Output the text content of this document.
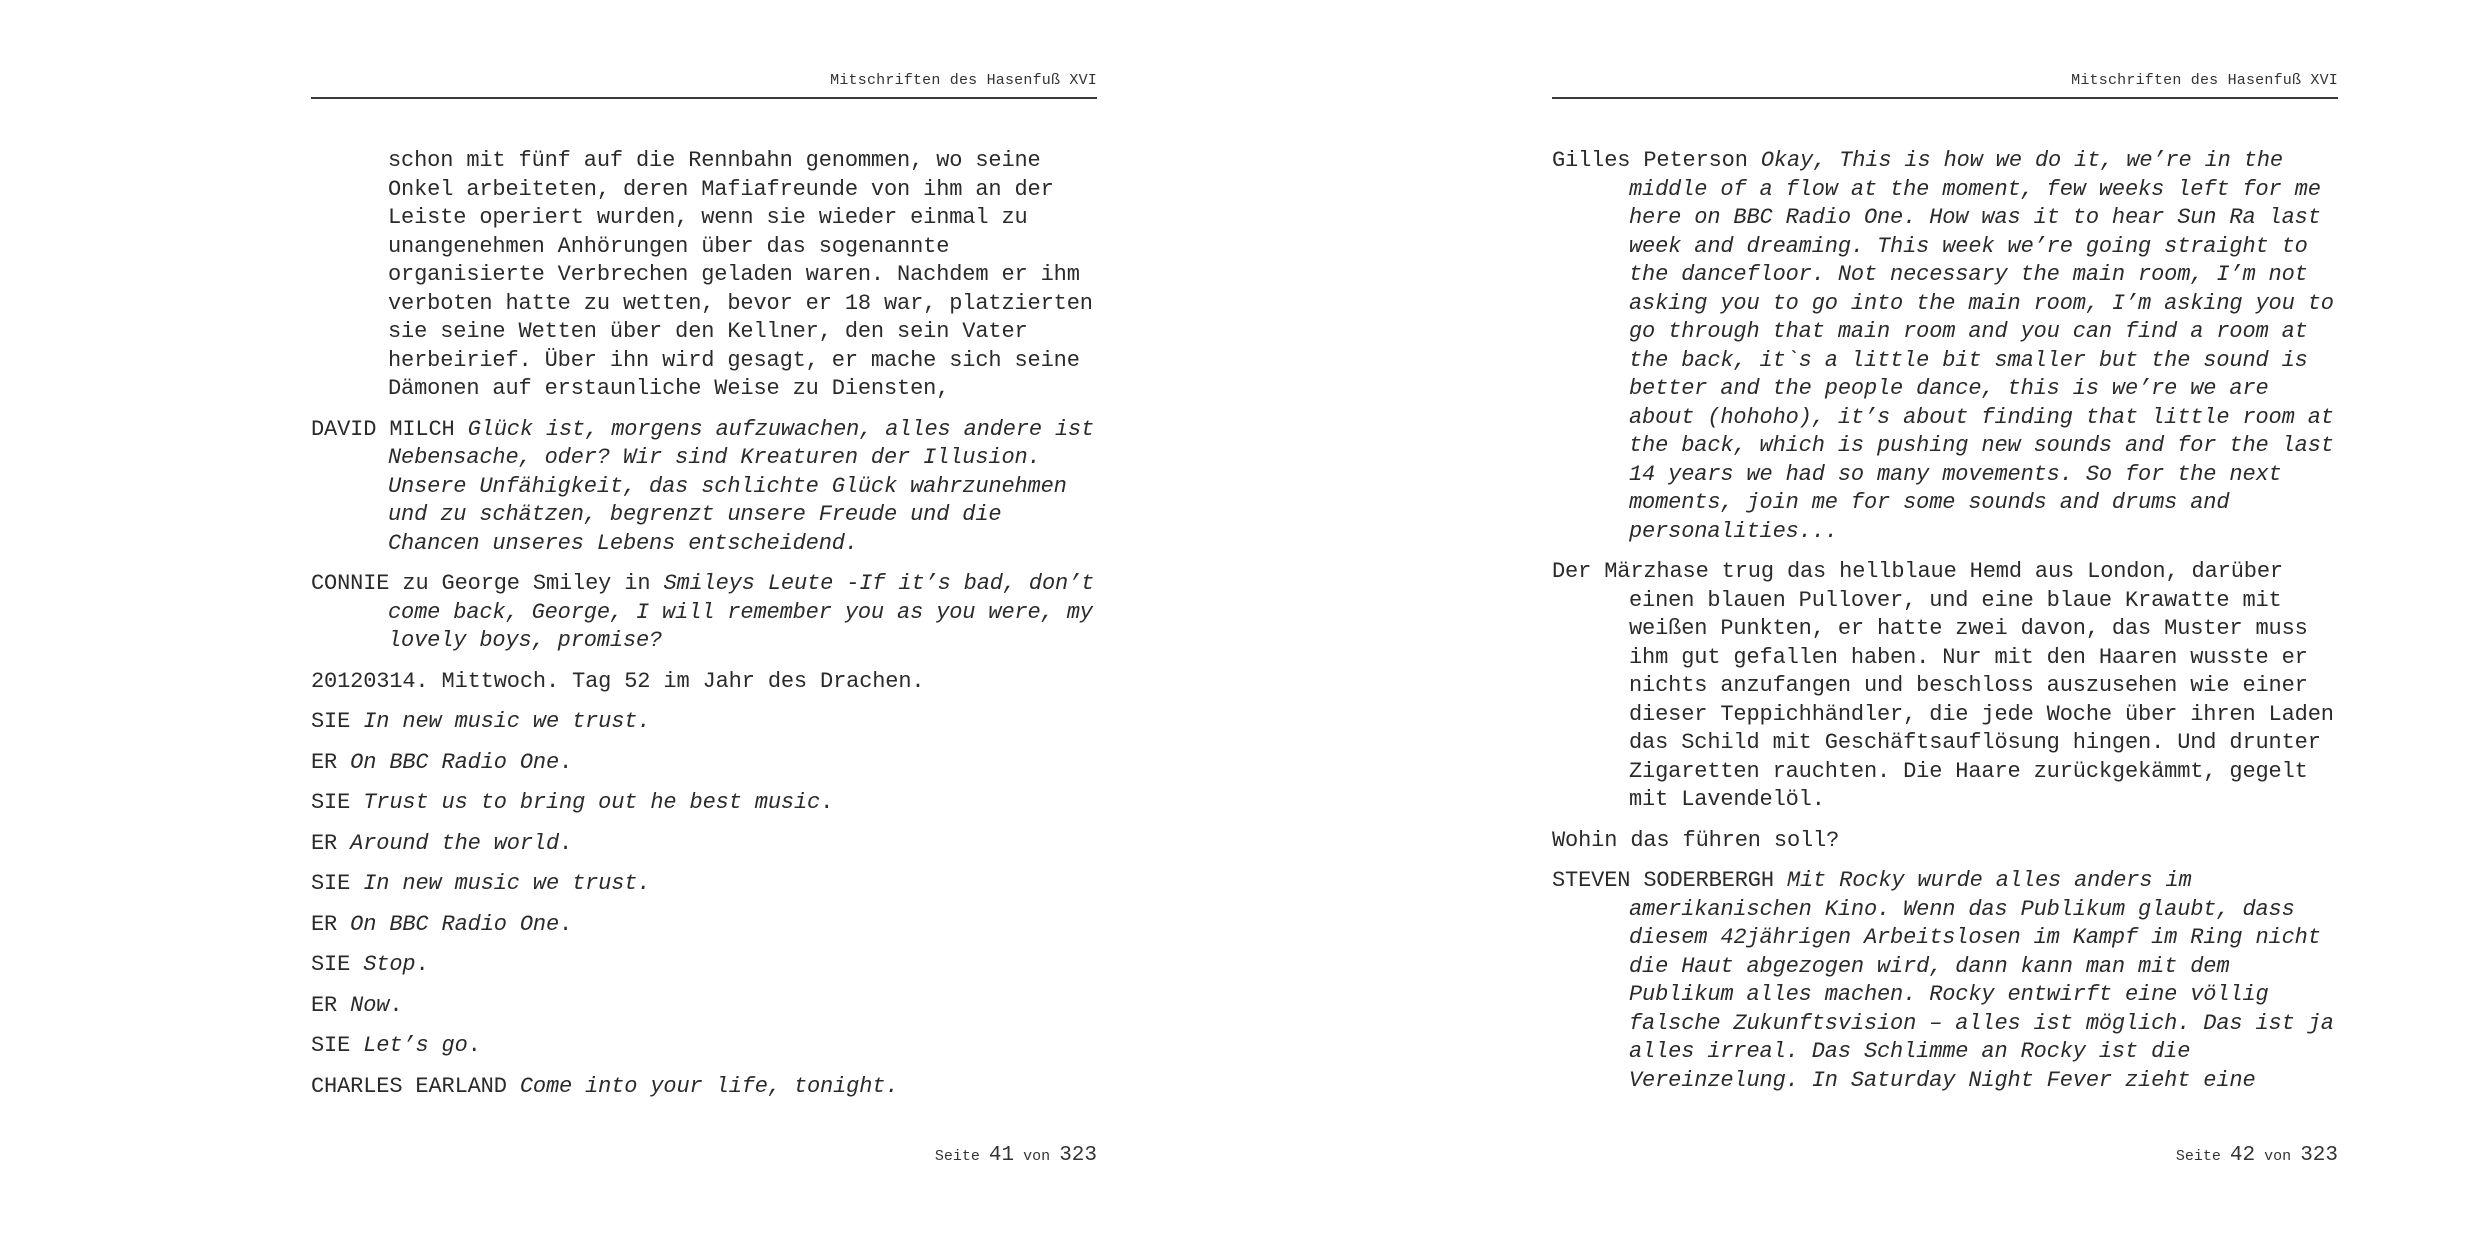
Mitschriften des Hasenfuß XVI

schon mit fünf auf die Rennbahn genommen, wo seine Onkel arbeiteten, deren Mafiafreunde von ihm an der Leiste operiert wurden, wenn sie wieder einmal zu unangenehmen Anhörungen über das sogenannte organisierte Verbrechen geladen waren. Nachdem er ihm verboten hatte zu wetten, bevor er 18 war, platzierten sie seine Wetten über den Kellner, den sein Vater herbeirief. Über ihn wird gesagt, er mache sich seine Dämonen auf erstaunliche Weise zu Diensten,

DAVID MILCH Glück ist, morgens aufzuwachen, alles andere ist Nebensache, oder? Wir sind Kreaturen der Illusion. Unsere Unfähigkeit, das schlichte Glück wahrzunehmen und zu schätzen, begrenzt unsere Freude und die Chancen unseres Lebens entscheidend.

CONNIE zu George Smiley in Smileys Leute -If it’s bad, don’t come back, George, I will remember you as you were, my lovely boys, promise?

20120314. Mittwoch. Tag 52 im Jahr des Drachen.

SIE In new music we trust.

ER On BBC Radio One.

SIE Trust us to bring out he best music.

ER Around the world.

SIE In new music we trust.

ER On BBC Radio One.

SIE Stop.

ER Now.

SIE Let’s go.

CHARLES EARLAND Come into your life, tonight.

Seite 41 von 323
Mitschriften des Hasenfuß XVI

Gilles Peterson Okay, This is how we do it, we’re in the middle of a flow at the moment, few weeks left for me here on BBC Radio One. How was it to hear Sun Ra last week and dreaming. This week we’re going straight to the dancefloor. Not necessary the main room, I’m not asking you to go into the main room, I’m asking you to go through that main room and you can find a room at the back, it`s a little bit smaller but the sound is better and the people dance, this is we’re we are about (hohoho), it’s about finding that little room at the back, which is pushing new sounds and for the last 14 years we had so many movements. So for the next moments, join me for some sounds and drums and personalities...

Der Märzhase trug das hellblaue Hemd aus London, darüber einen blauen Pullover, und eine blaue Krawatte mit weißen Punkten, er hatte zwei davon, das Muster muss ihm gut gefallen haben. Nur mit den Haaren wusste er nichts anzufangen und beschloss auszusehen wie einer dieser Teppichhändler, die jede Woche über ihren Laden das Schild mit Geschäftsauflösung hingen. Und drunter Zigaretten rauchten. Die Haare zurückgekämmt, gegelt mit Lavendelöl.

Wohin das führen soll?

STEVEN SODERBERGH Mit Rocky wurde alles anders im amerikanischen Kino. Wenn das Publikum glaubt, dass diesem 42jährigen Arbeitslosen im Kampf im Ring nicht die Haut abgezogen wird, dann kann man mit dem Publikum alles machen. Rocky entwirft eine völlig falsche Zukunftsvision – alles ist möglich. Das ist ja alles irreal. Das Schlimme an Rocky ist die Vereinzelung. In Saturday Night Fever zieht eine

Seite 42 von 323
